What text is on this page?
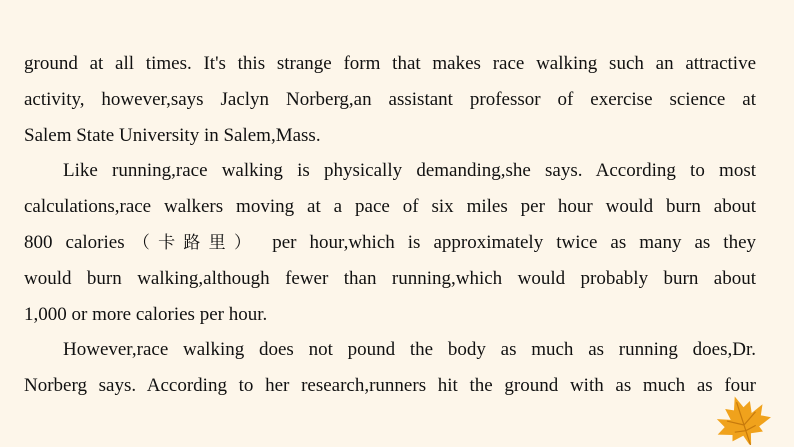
ground at all times. It's this strange form that makes race walking such an attractive
activity, however,says Jaclyn Norberg,an assistant professor of exercise science at
Salem State University in Salem,Mass.
Like running,race walking is physically demanding,she says. According to most
calculations,race walkers moving at a pace of six miles per hour would burn about
800 calories（卡路里） per hour,which is approximately twice as many as they
would burn walking,although fewer than running,which would probably burn about
1,000 or more calories per hour.
However,race walking does not pound the body as much as running does,Dr.
Norberg says. According to her research,runners hit the ground with as much as four
